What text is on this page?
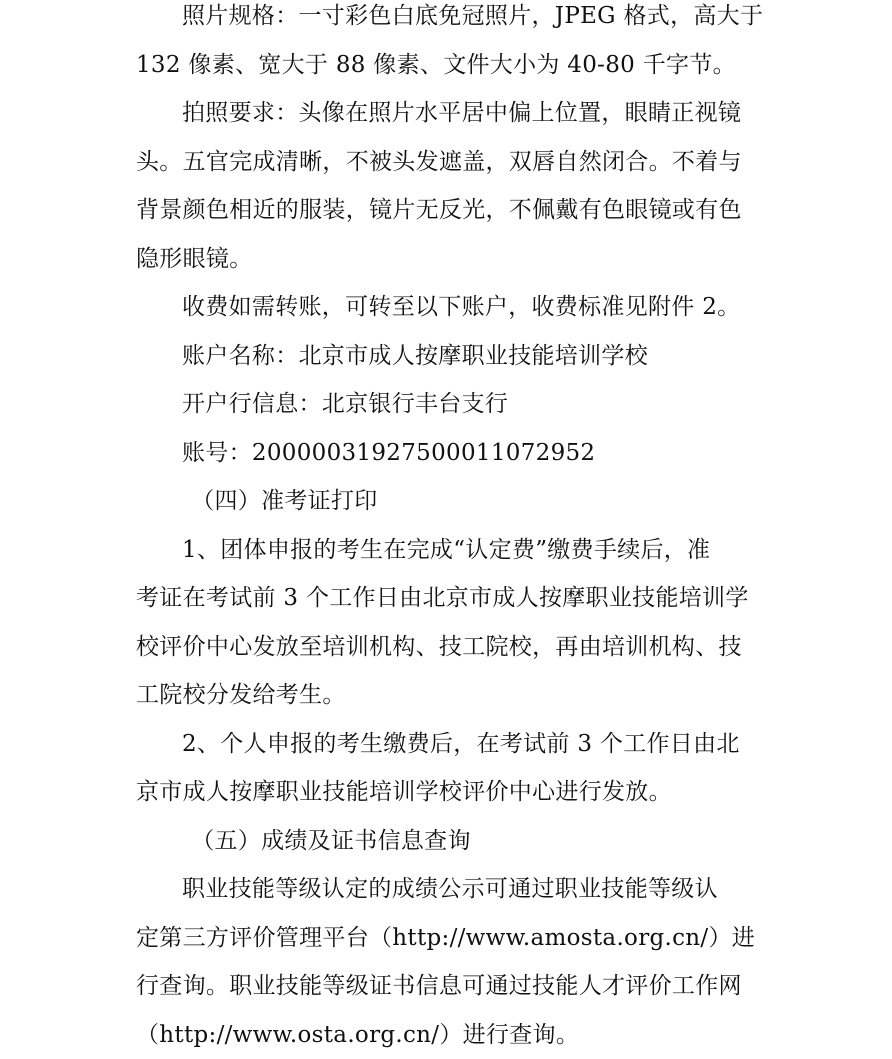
照片规格：一寸彩色白底免冠照片，JPEG 格式，高大于
132 像素、宽大于 88 像素、文件大小为 40-80 千字节。

拍照要求：头像在照片水平居中偏上位置，眼睛正视镜
头。五官完成清晰，不被头发遮盖，双唇自然闭合。不着与
背景颜色相近的服装，镜片无反光，不佩戴有色眼镜或有色
隐形眼镜。

收费如需转账，可转至以下账户，收费标准见附件 2。

账户名称：北京市成人按摩职业技能培训学校

开户行信息：北京银行丰台支行

账号：20000031927500011072952

（四）准考证打印

1、团体申报的考生在完成“认定费”缴费手续后，准
考证在考试前 3 个工作日由北京市成人按摩职业技能培训学
校评价中心发放至培训机构、技工院校，再由培训机构、技
工院校分发给考生。

2、个人申报的考生缴费后，在考试前 3 个工作日由北
京市成人按摩职业技能培训学校评价中心进行发放。

（五）成绩及证书信息查询

职业技能等级认定的成绩公示可通过职业技能等级认
定第三方评价管理平台（http://www.amosta.org.cn/）进
行查询。职业技能等级证书信息可通过技能人才评价工作网
（http://www.osta.org.cn/）进行查询。
